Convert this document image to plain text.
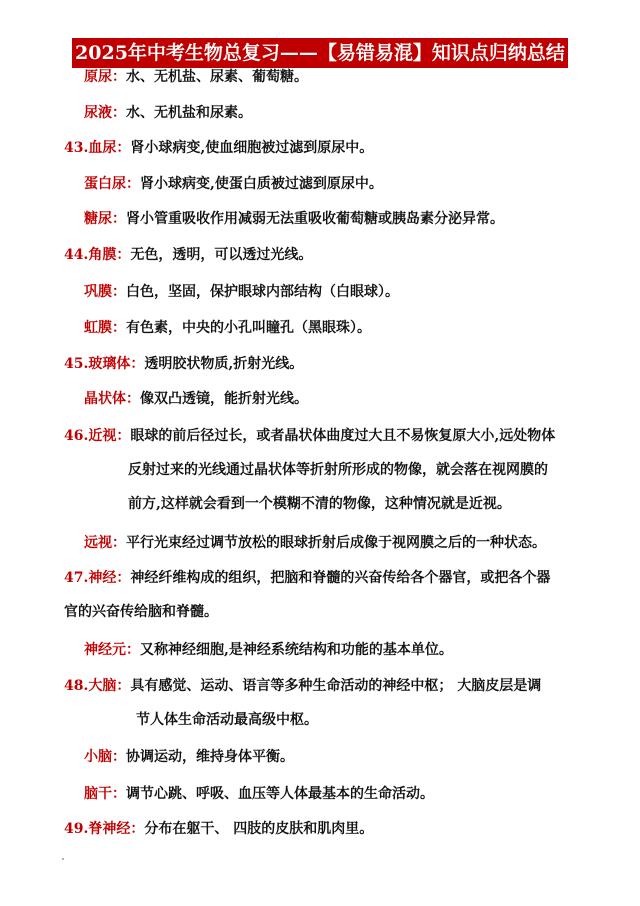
2025年中考生物总复习——【易错易混】知识点归纳总结
原尿：水、无机盐、尿素、葡萄糖。
尿液：水、无机盐和尿素。
43.血尿：肾小球病变,使血细胞被过滤到原尿中。
蛋白尿：肾小球病变,使蛋白质被过滤到原尿中。
糖尿：肾小管重吸收作用减弱无法重吸收葡萄糖或胰岛素分泌异常。
44.角膜：无色，透明，可以透过光线。
巩膜：白色，坚固，保护眼球内部结构（白眼球）。
虹膜：有色素，中央的小孔叫瞳孔（黑眼珠）。
45.玻璃体：透明胶状物质,折射光线。
晶状体：像双凸透镜，能折射光线。
46.近视：眼球的前后径过长，或者晶状体曲度过大且不易恢复原大小,远处物体
反射过来的光线通过晶状体等折射所形成的物像，就会落在视网膜的
前方,这样就会看到一个模糊不清的物像，这种情况就是近视。
远视：平行光束经过调节放松的眼球折射后成像于视网膜之后的一种状态。
47.神经：神经纤维构成的组织，把脑和脊髓的兴奋传给各个器官，或把各个器
官的兴奋传给脑和脊髓。
神经元：又称神经细胞,是神经系统结构和功能的基本单位。
48.大脑：具有感觉、运动、语言等多种生命活动的神经中枢； 大脑皮层是调
节人体生命活动最高级中枢。
小脑：协调运动，维持身体平衡。
脑干：调节心跳、呼吸、血压等人体最基本的生命活动。
49.脊神经：分布在躯干、 四肢的皮肤和肌肉里。
